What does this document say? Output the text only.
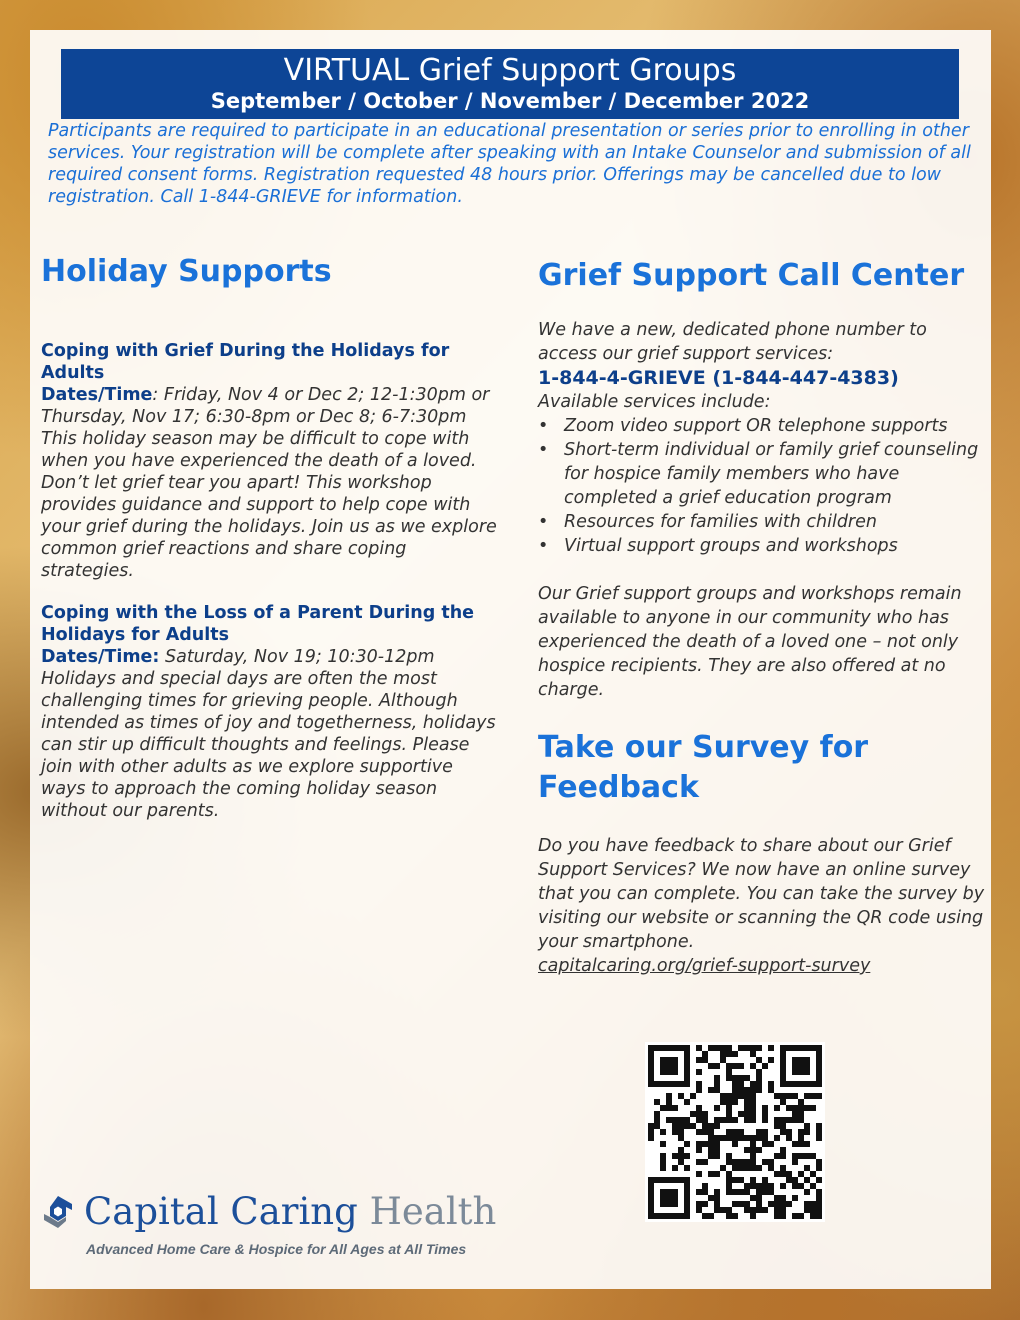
VIRTUAL Grief Support Groups
September / October / November / December 2022
Participants are required to participate in an educational presentation or series prior to enrolling in other services. Your registration will be complete after speaking with an Intake Counselor and submission of all required consent forms. Registration requested 48 hours prior. Offerings may be cancelled due to low registration. Call 1-844-GRIEVE for information.
Holiday Supports
Coping with Grief During the Holidays for Adults
Dates/Time: Friday, Nov 4 or Dec 2; 12-1:30pm or Thursday, Nov 17; 6:30-8pm or Dec 8; 6-7:30pm
This holiday season may be difficult to cope with when you have experienced the death of a loved. Don’t let grief tear you apart! This workshop provides guidance and support to help cope with your grief during the holidays. Join us as we explore common grief reactions and share coping strategies.
Coping with the Loss of a Parent During the Holidays for Adults
Dates/Time: Saturday, Nov 19; 10:30-12pm
Holidays and special days are often the most challenging times for grieving people. Although intended as times of joy and togetherness, holidays can stir up difficult thoughts and feelings. Please join with other adults as we explore supportive ways to approach the coming holiday season without our parents.
Grief Support Call Center
We have a new, dedicated phone number to access our grief support services:
1-844-4-GRIEVE (1-844-447-4383)
Available services include:
• Zoom video support OR telephone supports
• Short-term individual or family grief counseling for hospice family members who have completed a grief education program
• Resources for families with children
• Virtual support groups and workshops
Our Grief support groups and workshops remain available to anyone in our community who has experienced the death of a loved one – not only hospice recipients. They are also offered at no charge.
Take our Survey for Feedback
Do you have feedback to share about our Grief Support Services? We now have an online survey that you can complete. You can take the survey by visiting our website or scanning the QR code using your smartphone.
capitalcaring.org/grief-support-survey
Capital Caring Health
Advanced Home Care & Hospice for All Ages at All Times
